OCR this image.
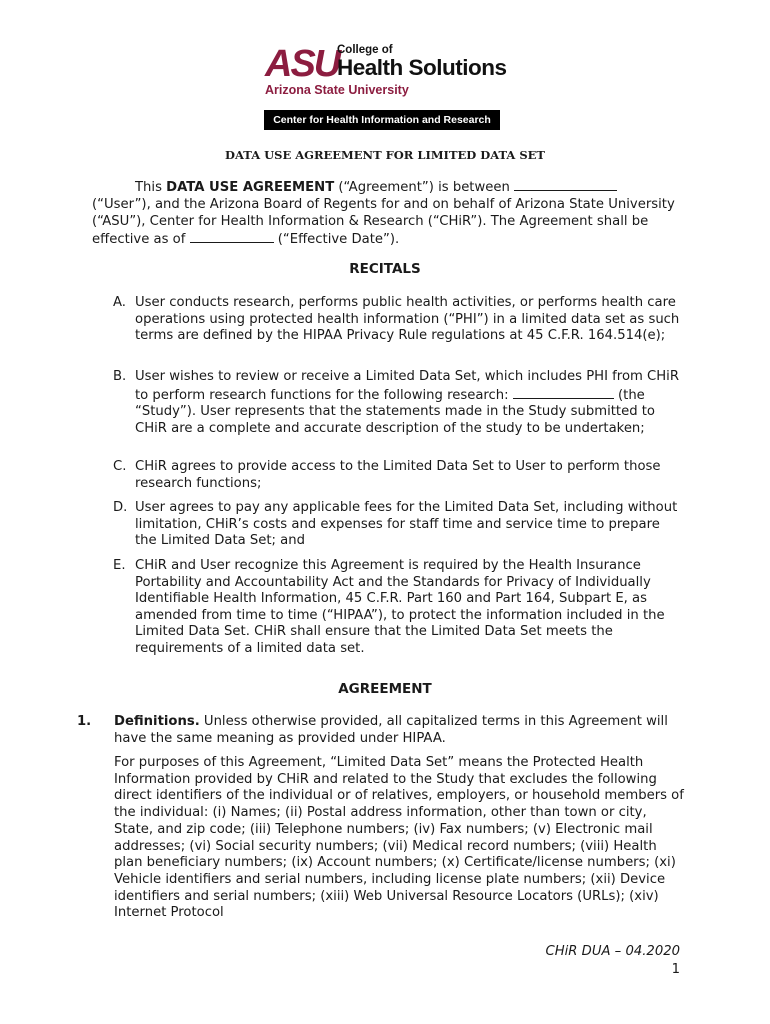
ASU
College of
Health Solutions
Arizona State University
Center for Health Information and Research
DATA USE AGREEMENT FOR LIMITED DATA SET
This DATA USE AGREEMENT (“Agreement”) is between
(“User”), and the Arizona Board of Regents for and on behalf of Arizona State University (“ASU”), Center for Health Information & Research (“CHiR”). The Agreement shall be effective as of	(“Effective Date”).
RECITALS
A. User conducts research, performs public health activities, or performs health care operations using protected health information (“PHI”) in a limited data set as such terms are defined by the HIPAA Privacy Rule regulations at 45 C.F.R. 164.514(e);
B. User wishes to review or receive a Limited Data Set, which includes PHI from CHiR to perform research functions for the following research:	(the “Study”). User represents that the statements made in the Study submitted to CHiR are a complete and accurate description of the study to be undertaken;
C. CHiR agrees to provide access to the Limited Data Set to User to perform those research functions;
D. User agrees to pay any applicable fees for the Limited Data Set, including without limitation, CHiR’s costs and expenses for staff time and service time to prepare the Limited Data Set; and
E. CHiR and User recognize this Agreement is required by the Health Insurance Portability and Accountability Act and the Standards for Privacy of Individually Identifiable Health Information, 45 C.F.R. Part 160 and Part 164, Subpart E, as amended from time to time (“HIPAA”), to protect the information included in the Limited Data Set. CHiR shall ensure that the Limited Data Set meets the requirements of a limited data set.
AGREEMENT
1. Definitions. Unless otherwise provided, all capitalized terms in this Agreement will have the same meaning as provided under HIPAA.
For purposes of this Agreement, “Limited Data Set” means the Protected Health Information provided by CHiR and related to the Study that excludes the following direct identifiers of the individual or of relatives, employers, or household members of the individual: (i) Names; (ii) Postal address information, other than town or city, State, and zip code; (iii) Telephone numbers; (iv) Fax numbers; (v) Electronic mail addresses; (vi) Social security numbers; (vii) Medical record numbers; (viii) Health plan beneficiary numbers; (ix) Account numbers; (x) Certificate/license numbers; (xi) Vehicle identifiers and serial numbers, including license plate numbers; (xii) Device identifiers and serial numbers; (xiii) Web Universal Resource Locators (URLs); (xiv) Internet Protocol
CHiR DUA – 04.2020
1
